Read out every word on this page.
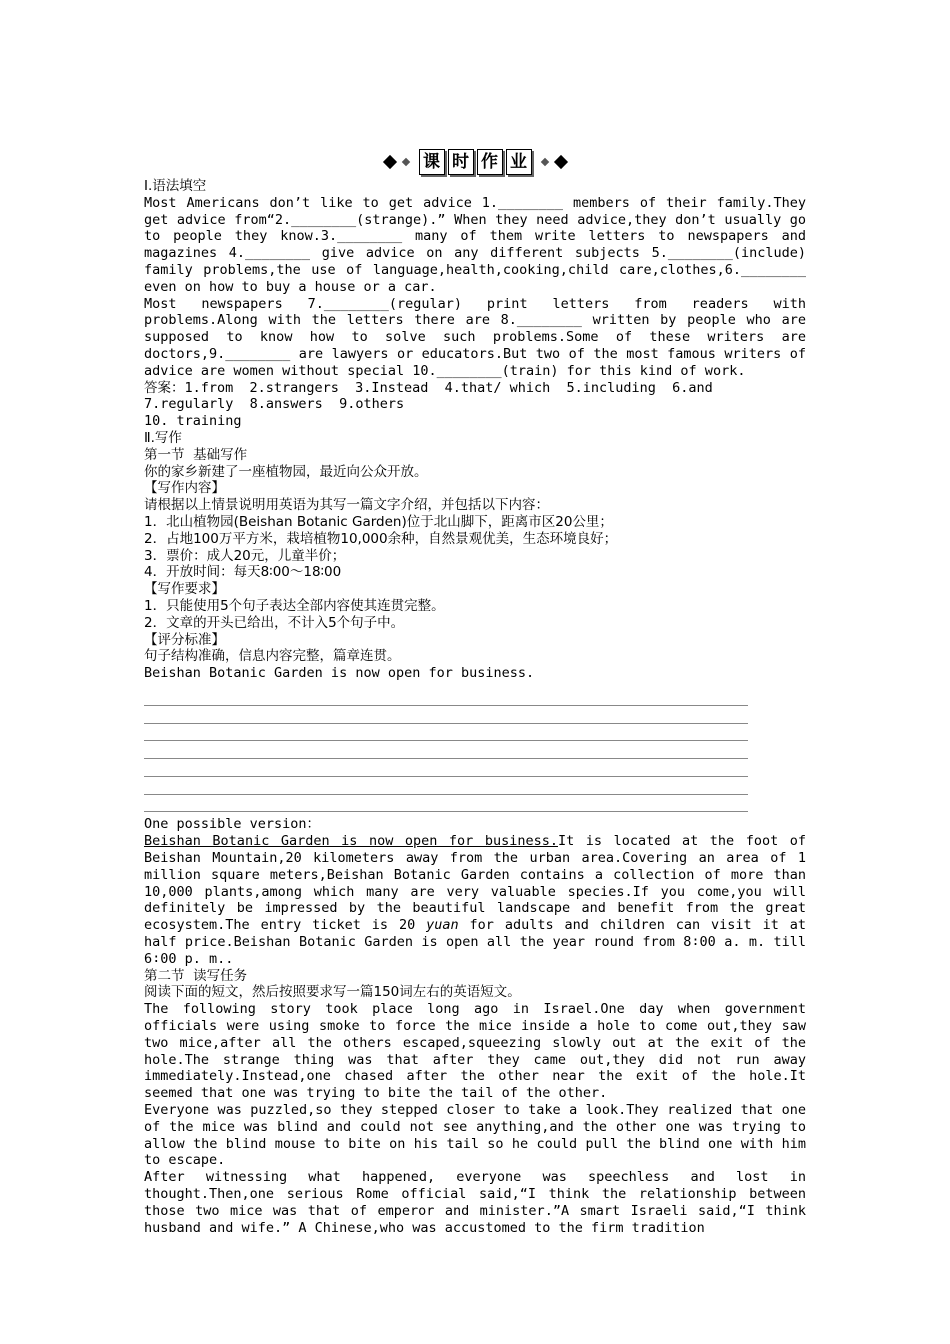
课 时 作 业

Ⅰ.语法填空

Most Americans don’t like to get advice 1.________ members of their family.They get advice from“2.________(strange).” When they need advice,they don’t usually go to people they know.3.________ many of them write letters to newspapers and magazines 4.________ give advice on any different subjects 5.________(include) family problems,the use of language,health,cooking,child care,clothes,6.________ even on how to buy a house or a car.

Most newspapers 7.________(regular) print letters from readers with problems.Along with the letters there are 8.________ written by people who are supposed to know how to solve such problems.Some of these writers are doctors,9.________ are lawyers or educators.But two of the most famous writers of advice are women without special 10.________(train) for this kind of work.

答案：1.from  2.strangers  3.Instead  4.that/ which  5.including  6.and

7.regularly  8.answers  9.others

10. training

Ⅱ.写作

第一节  基础写作

你的家乡新建了一座植物园，最近向公众开放。

【写作内容】

请根据以上情景说明用英语为其写一篇文字介绍，并包括以下内容：

1．北山植物园(Beishan Botanic Garden)位于北山脚下，距离市区20公里；

2．占地100万平方米，栽培植物10,000余种，自然景观优美，生态环境良好；

3．票价：成人20元，儿童半价；

4．开放时间：每天8∶00～18∶00

【写作要求】

1．只能使用5个句子表达全部内容使其连贯完整。

2．文章的开头已给出，不计入5个句子中。

【评分标准】

句子结构准确，信息内容完整，篇章连贯。

Beishan Botanic Garden is now open for business.

One possible version：

Beishan Botanic Garden is now open for business.It is located at the foot of Beishan Mountain,20 kilometers away from the urban area.Covering an area of 1 million square meters,Beishan Botanic Garden contains a collection of more than 10,000 plants,among which many are very valuable species.If you come,you will definitely be impressed by the beautiful landscape and benefit from the great ecosystem.The entry ticket is 20 yuan for adults and children can visit it at half price.Beishan Botanic Garden is open all the year round from 8∶00 a. m. till 6∶00 p. m..

第二节  读写任务

阅读下面的短文，然后按照要求写一篇150词左右的英语短文。

The following story took place long ago in Israel.One day when government officials were using smoke to force the mice inside a hole to come out,they saw two mice,after all the others escaped,squeezing slowly out at the exit of the hole.The strange thing was that after they came out,they did not run away immediately.Instead,one chased after the other near the exit of the hole.It seemed that one was trying to bite the tail of the other.

Everyone was puzzled,so they stepped closer to take a look.They realized that one of the mice was blind and could not see anything,and the other one was trying to allow the blind mouse to bite on his tail so he could pull the blind one with him to escape.

After witnessing what happened, everyone was speechless and lost in thought.Then,one serious Rome official said,“I think the relationship between those two mice was that of emperor and minister.”A smart Israeli said,“I think husband and wife.” A Chinese,who was accustomed to the firm tradition
